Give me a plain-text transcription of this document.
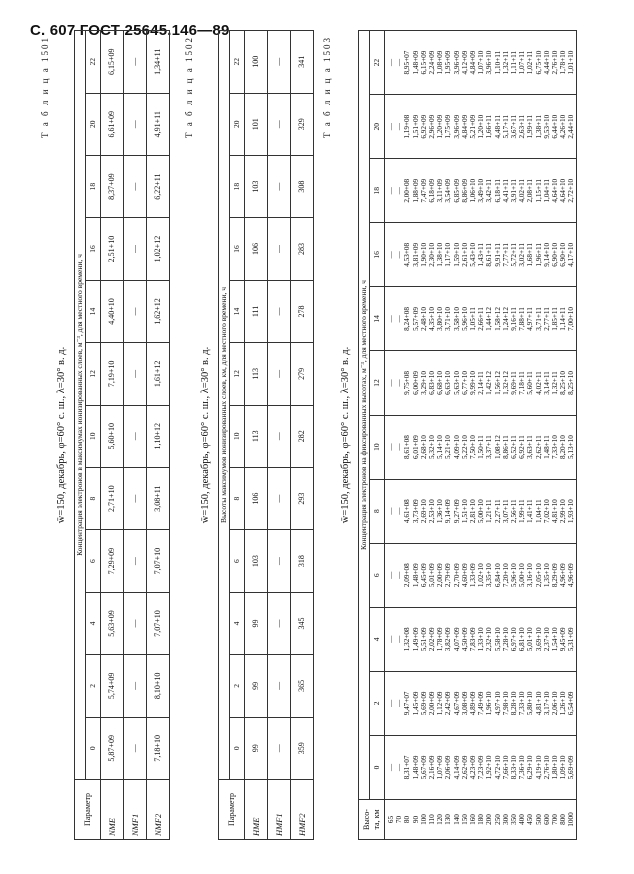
С. 607 ГОСТ 25645.146—89
Т а б л и ц а 1501
w̄=150, декабрь, φ=60° с. ш., λ=30° в. д.
Параметр	Концентрация электронов в максимумах ионизированных слоев, м⁻³, для местного времени, ч											
	0	2	4	6	8	10	12	14	16	18	20	22
NME	5,87+09	5,74+09	5,63+09	7,29+09	2,71+10	5,60+10	7,19+10	4,40+10	2,51+10	8,37+09	6,61+09	6,15+09
NMF1	—	—	—	—	—	—	—	—	—	—	—	—
NMF2	7,18+10	8,10+10	7,07+10	7,07+10	3,08+11	1,10+12	1,61+12	1,62+12	1,02+12	6,22+11	4,91+11	1,34+11 Т а б л и ц а 1502
w̄=150, декабрь, φ=60° с. ш., λ=30° в. д.
Параметр	Высоты максимумов ионизированных слоев, км, для местного времени, ч											
	0	2	4	6	8	10	12	14	16	18	20	22
HME	99	99	99	103	106	113	113	111	106	103	101	100
HMF1	—	—	—	—	—	—	—	—	—	—	—	—
HMF2	359	365	345	318	293	282	279	278	283	308	329	341 Т а б л и ц а 1503
w̄=150, декабрь, φ=60° с. ш., λ=30° в. д.
Высо-
та, км	Концентрация электронов на фиксированных высотах, м⁻³, для местного времени, ч											
	0	2	4	6	8	10	12	14	16	18	20	22
65	—	—	—	—	—	—	—	—	—	—	—	—
70	—	—	—	—	—	—	—	—	—	—	—	—
80	8,31+07	9,47+07	1,32+08	2,09+08	4,61+08	8,61+08	9,75+08	8,24+08	4,53+08	2,00+08	1,19+08	8,95+07
90	1,48+09	1,45+09	1,49+09	1,48+09	3,73+09	6,01+09	6,00+09	5,57+09	3,81+09	1,88+09	1,51+09	1,48+09
100	5,67+09	5,69+09	5,51+09	6,45+09	2,69+10	2,68+10	3,29+10	2,48+10	1,90+10	7,47+09	6,92+09	6,15+09
110	2,16+09	2,00+09	2,02+09	5,01+09	2,53+10	5,32+10	6,83+10	4,35+10	2,30+10	6,18+09	2,96+09	2,24+09
120	1,07+09	1,12+09	1,78+09	2,00+09	1,36+10	5,14+10	6,68+10	3,80+10	1,38+10	3,11+09	1,20+09	1,08+09
130	2,06+09	2,42+09	3,82+09	2,79+09	9,14+09	5,21+10	6,63+10	3,71+10	1,17+10	3,54+09	1,75+09	1,95+09
140	4,14+09	4,67+09	4,07+09	2,70+09	9,27+09	4,09+10	5,63+10	3,58+10	1,59+10	6,85+09	3,96+09	3,96+09
150	2,62+09	3,08+09	4,50+09	4,60+09	1,51+10	5,22+10	6,77+10	5,96+10	2,61+10	8,86+09	4,84+09	4,12+09
160	4,23+09	4,89+09	7,83+09	1,33+09	2,81+10	7,50+10	9,99+10	1,05+11	5,43+10	1,06+10	5,21+09	4,84+09
180	7,23+09	7,49+09	1,33+10	1,02+10	5,00+10	1,50+11	2,14+11	2,66+11	1,43+11	3,49+10	1,20+10	1,07+10
200	1,92+10	1,96+10	2,32+10	3,35+10	1,21+11	3,37+11	1,42+12	1,44+12	8,61+11	3,42+11	1,66+11	3,96+10
250	4,72+10	4,97+10	5,58+10	6,84+10	2,27+11	1,08+12	1,56+12	1,58+12	9,91+11	6,18+11	4,48+11	1,10+11
300	7,66+10	7,98+10	7,28+10	7,20+10	3,07+11	8,86+11	1,32+12	1,24+12	7,77+11	4,41+11	5,17+11	1,32+11
350	8,33+10	8,28+10	6,97+10	5,96+10	2,56+11	6,52+11	9,69+11	9,16+11	5,72+11	3,91+11	3,67+11	1,11+11
400	7,36+10	7,33+10	6,81+10	5,00+10	1,99+11	6,92+11	7,18+11	7,88+11	3,02+11	4,02+11	2,63+11	1,07+11
450	6,29+10	5,80+10	5,01+10	3,16+10	1,41+11	3,63+11	5,60+11	4,97+11	1,68+11	2,08+11	1,99+11	1,02+11
500	4,19+10	4,81+10	3,69+10	2,05+10	1,04+11	2,62+11	4,02+11	3,71+11	1,96+11	1,15+11	1,38+11	6,75+10
600	2,76+10	3,17+10	2,37+10	1,35+10	7,02+10	1,48+11	3,14+11	2,77+11	9,14+10	1,04+11	9,53+10	4,44+10
700	1,80+10	2,06+10	1,54+10	8,29+09	4,81+10	7,33+10	1,32+11	1,85+11	6,90+10	4,64+10	6,44+10	2,76+10
800	1,09+10	1,26+10	9,45+09	4,96+09	2,99+10	8,20+10	8,25+10	1,14+11	6,90+10	4,64+10	4,26+10	1,78+10
1000	5,69+09	6,54+09	5,31+09	4,96+09	1,93+10	5,13+10	8,25+10	7,00+10	4,17+10	2,72+10	2,44+10	1,01+10
